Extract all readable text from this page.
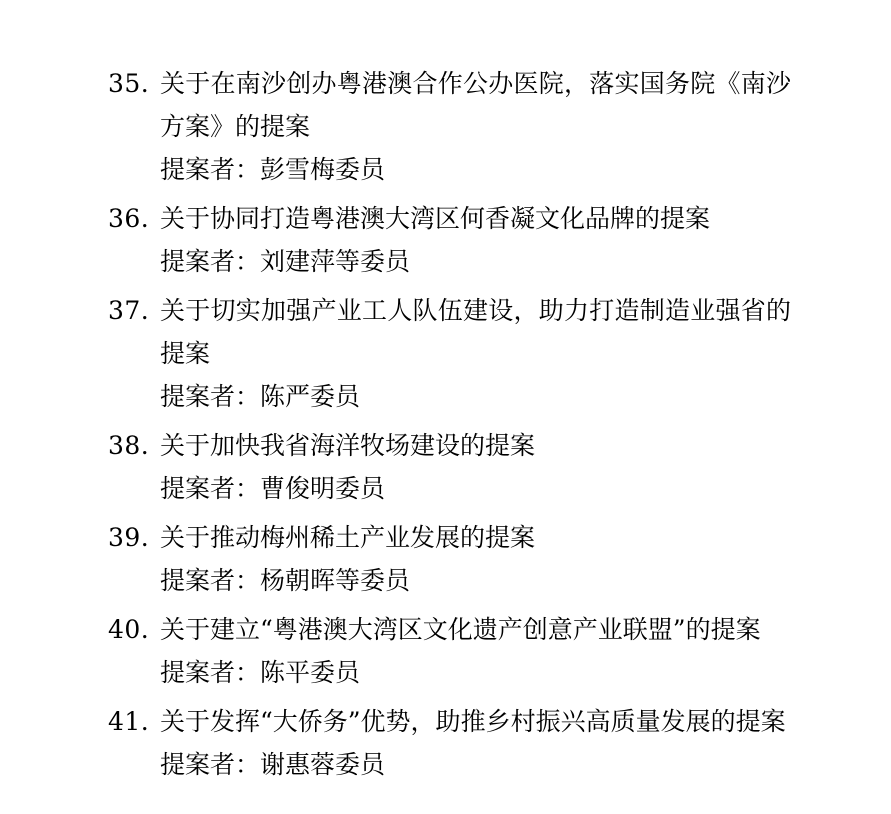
35. 关于在南沙创办粤港澳合作公办医院，落实国务院《南沙方案》的提案
提案者：彭雪梅委员
36. 关于协同打造粤港澳大湾区何香凝文化品牌的提案
提案者：刘建萍等委员
37. 关于切实加强产业工人队伍建设，助力打造制造业强省的提案
提案者：陈严委员
38. 关于加快我省海洋牧场建设的提案
提案者：曹俊明委员
39. 关于推动梅州稀土产业发展的提案
提案者：杨朝晖等委员
40. 关于建立“粤港澳大湾区文化遗产创意产业联盟”的提案
提案者：陈平委员
41. 关于发挥“大侨务”优势，助推乡村振兴高质量发展的提案
提案者：谢惠蓉委员
